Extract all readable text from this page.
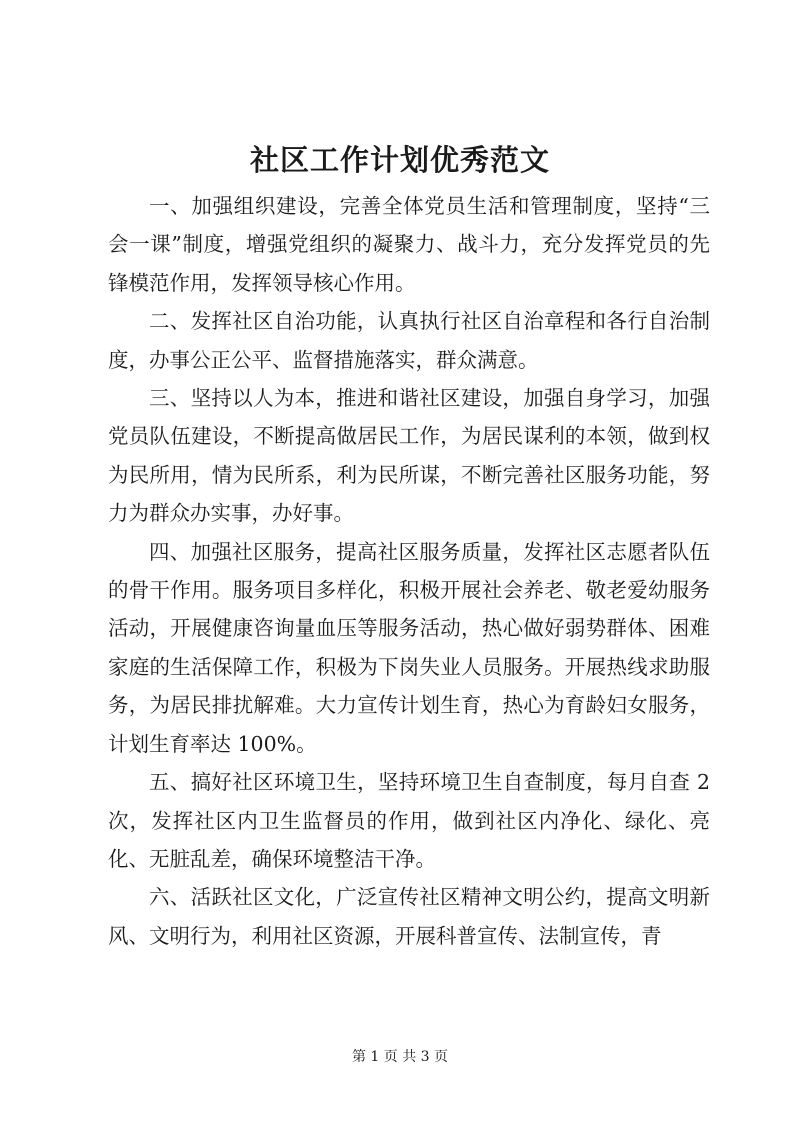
社区工作计划优秀范文

一、加强组织建设，完善全体党员生活和管理制度，坚持“三会一课”制度，增强党组织的凝聚力、战斗力，充分发挥党员的先锋模范作用，发挥领导核心作用。

二、发挥社区自治功能，认真执行社区自治章程和各行自治制度，办事公正公平、监督措施落实，群众满意。

三、坚持以人为本，推进和谐社区建设，加强自身学习，加强党员队伍建设，不断提高做居民工作，为居民谋利的本领，做到权为民所用，情为民所系，利为民所谋，不断完善社区服务功能，努力为群众办实事，办好事。

四、加强社区服务，提高社区服务质量，发挥社区志愿者队伍的骨干作用。服务项目多样化，积极开展社会养老、敬老爱幼服务活动，开展健康咨询量血压等服务活动，热心做好弱势群体、困难家庭的生活保障工作，积极为下岗失业人员服务。开展热线求助服务，为居民排扰解难。大力宣传计划生育，热心为育龄妇女服务，计划生育率达 100%。

五、搞好社区环境卫生，坚持环境卫生自查制度，每月自查 2 次，发挥社区内卫生监督员的作用，做到社区内净化、绿化、亮化、无脏乱差，确保环境整洁干净。

六、活跃社区文化，广泛宣传社区精神文明公约，提高文明新风、文明行为，利用社区资源，开展科普宣传、法制宣传，青

第 1 页 共 3 页
